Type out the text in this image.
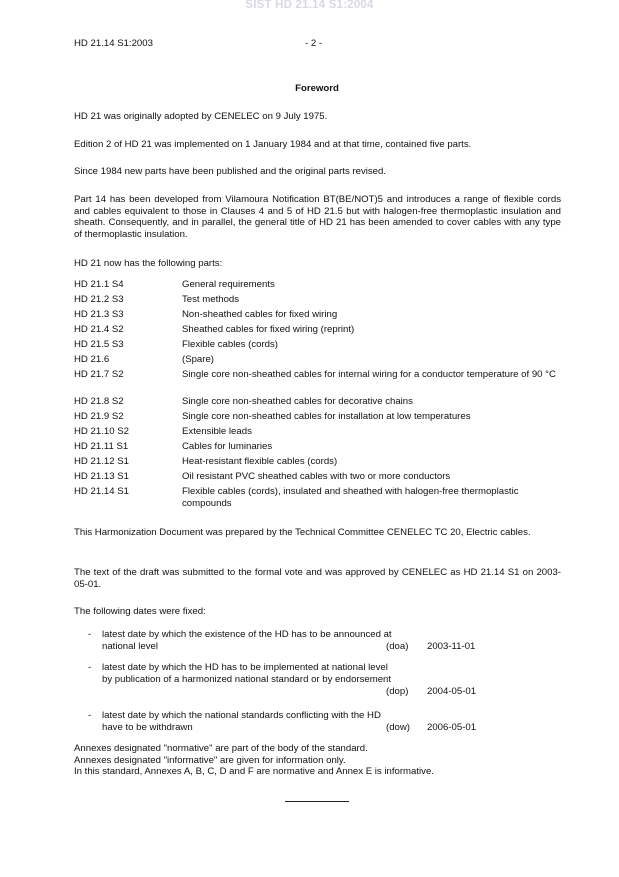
SIST HD 21.14 S1:2004
HD 21.14 S1:2003	- 2 -
Foreword

HD 21 was originally adopted by CENELEC on 9 July 1975.

Edition 2 of HD 21 was implemented on 1 January 1984 and at that time, contained five parts.

Since 1984 new parts have been published and the original parts revised.

Part 14 has been developed from Vilamoura Notification BT(BE/NOT)5 and introduces a range of flexible cords and cables equivalent to those in Clauses 4 and 5 of HD 21.5 but with halogen-free thermoplastic insulation and sheath. Consequently, and in parallel, the general title of HD 21 has been amended to cover cables with any type of thermoplastic insulation.

HD 21 now has the following parts:

HD 21.1 S4	General requirements
HD 21.2 S3	Test methods
HD 21.3 S3	Non-sheathed cables for fixed wiring
HD 21.4 S2	Sheathed cables for fixed wiring (reprint)
HD 21.5 S3	Flexible cables (cords)
HD 21.6	(Spare)
HD 21.7 S2	Single core non-sheathed cables for internal wiring for a conductor temperature of 90 °C
HD 21.8 S2	Single core non-sheathed cables for decorative chains
HD 21.9 S2	Single core non-sheathed cables for installation at low temperatures
HD 21.10 S2	Extensible leads
HD 21.11 S1	Cables for luminaries
HD 21.12 S1	Heat-resistant flexible cables (cords)
HD 21.13 S1	Oil resistant PVC sheathed cables with two or more conductors
HD 21.14 S1	Flexible cables (cords), insulated and sheathed with halogen-free thermoplastic compounds

This Harmonization Document was prepared by the Technical Committee CENELEC TC 20, Electric cables.

The text of the draft was submitted to the formal vote and was approved by CENELEC as HD 21.14 S1 on 2003-05-01.

The following dates were fixed:

- latest date by which the existence of the HD has to be announced at national level	(doa) 2003-11-01
- latest date by which the HD has to be implemented at national level by publication of a harmonized national standard or by endorsement
(dop) 2004-05-01
- latest date by which the national standards conflicting with the HD have to be withdrawn	(dow) 2006-05-01
Annexes designated "normative" are part of the body of the standard.
Annexes designated "informative" are given for information only.
In this standard, Annexes A, B, C, D and F are normative and Annex E is informative.
